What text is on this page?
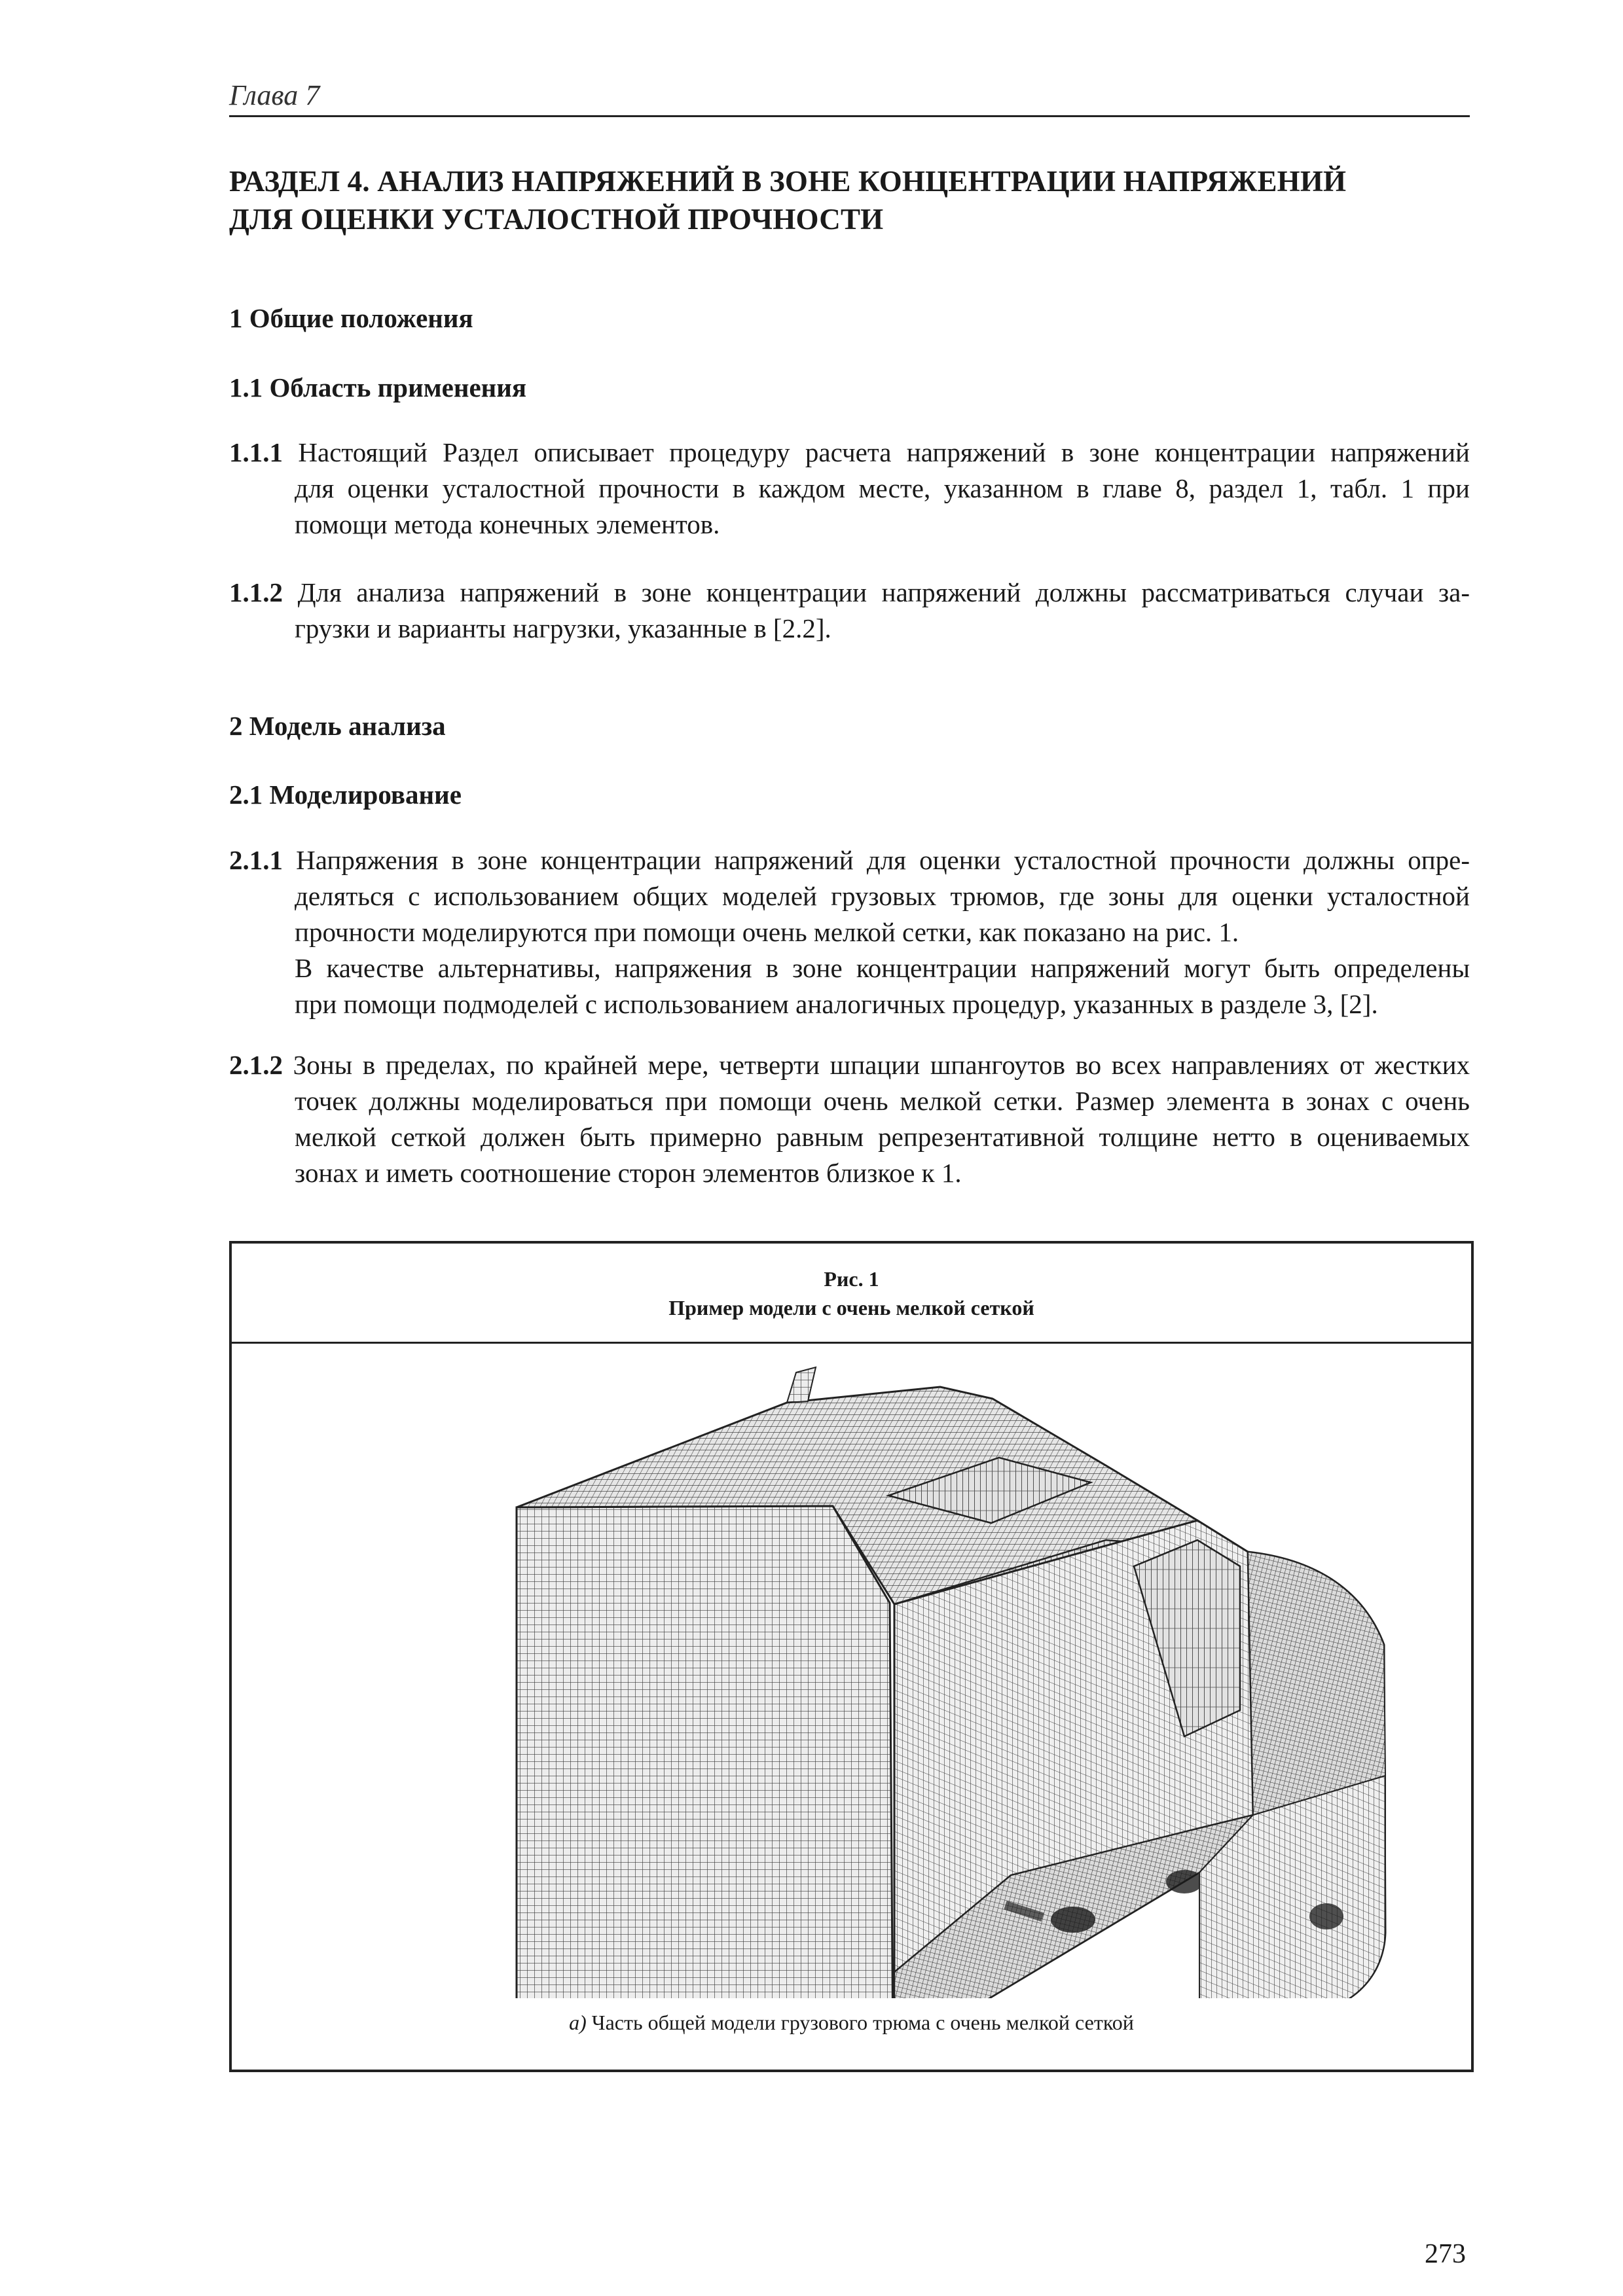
Глава 7
РАЗДЕЛ 4. АНАЛИЗ НАПРЯЖЕНИЙ В ЗОНЕ КОНЦЕНТРАЦИИ НАПРЯЖЕНИЙ
ДЛЯ ОЦЕНКИ УСТАЛОСТНОЙ ПРОЧНОСТИ
1 Общие положения
1.1 Область применения
1.1.1 Настоящий Раздел описывает процедуру расчета напряжений в зоне концентрации напряжений
для оценки усталостной прочности в каждом месте, указанном в главе 8, раздел 1, табл. 1 при
помощи метода конечных элементов.
1.1.2 Для анализа напряжений в зоне концентрации напряжений должны рассматриваться случаи за-
грузки и варианты нагрузки, указанные в [2.2].
2 Модель анализа
2.1 Моделирование
2.1.1 Напряжения в зоне концентрации напряжений для оценки усталостной прочности должны опре-
деляться с использованием общих моделей грузовых трюмов, где зоны для оценки усталостной
прочности моделируются при помощи очень мелкой сетки, как показано на рис. 1.
В качестве альтернативы, напряжения в зоне концентрации напряжений могут быть определены
при помощи подмоделей с использованием аналогичных процедур, указанных в разделе 3, [2].
2.1.2 Зоны в пределах, по крайней мере, четверти шпации шпангоутов во всех направлениях от жестких
точек должны моделироваться при помощи очень мелкой сетки. Размер элемента в зонах с очень
мелкой сеткой должен быть примерно равным репрезентативной толщине нетто в оцениваемых
зонах и иметь соотношение сторон элементов близкое к 1.
Рис. 1
Пример модели с очень мелкой сеткой
а) Часть общей модели грузового трюма с очень мелкой сеткой
273
